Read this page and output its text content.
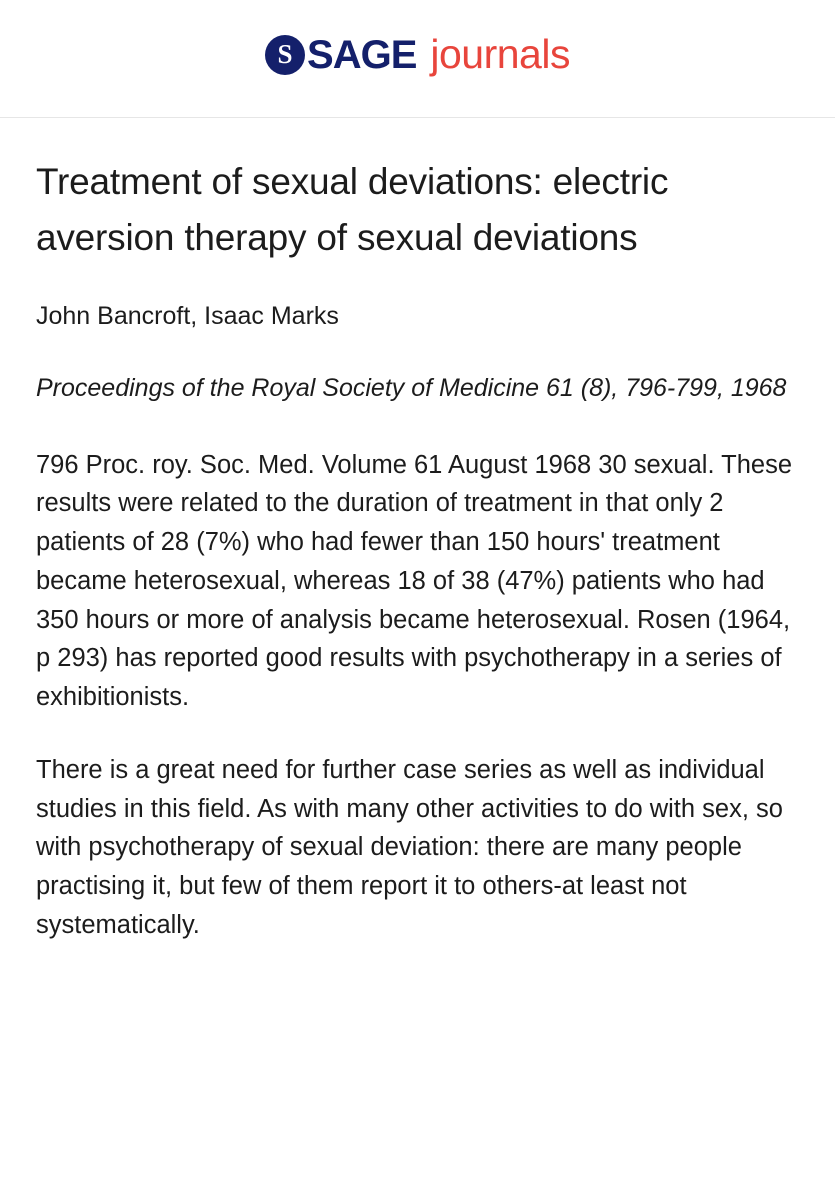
S SAGE journals
Treatment of sexual deviations: electric aversion therapy of sexual deviations
John Bancroft, Isaac Marks
Proceedings of the Royal Society of Medicine 61 (8), 796-799, 1968

796 Proc. roy. Soc. Med. Volume 61 August 1968 30 sexual. These results were related to the duration of treatment in that only 2 patients of 28 (7%) who had fewer than 150 hours' treatment became heterosexual, whereas 18 of 38 (47%) patients who had 350 hours or more of analysis became heterosexual. Rosen (1964, p 293) has reported good results with psychotherapy in a series of exhibitionists.

There is a great need for further case series as well as individual studies in this field. As with many other activities to do with sex, so with psychotherapy of sexual deviation: there are many people practising it, but few of them report it to others-at least not systematically.
